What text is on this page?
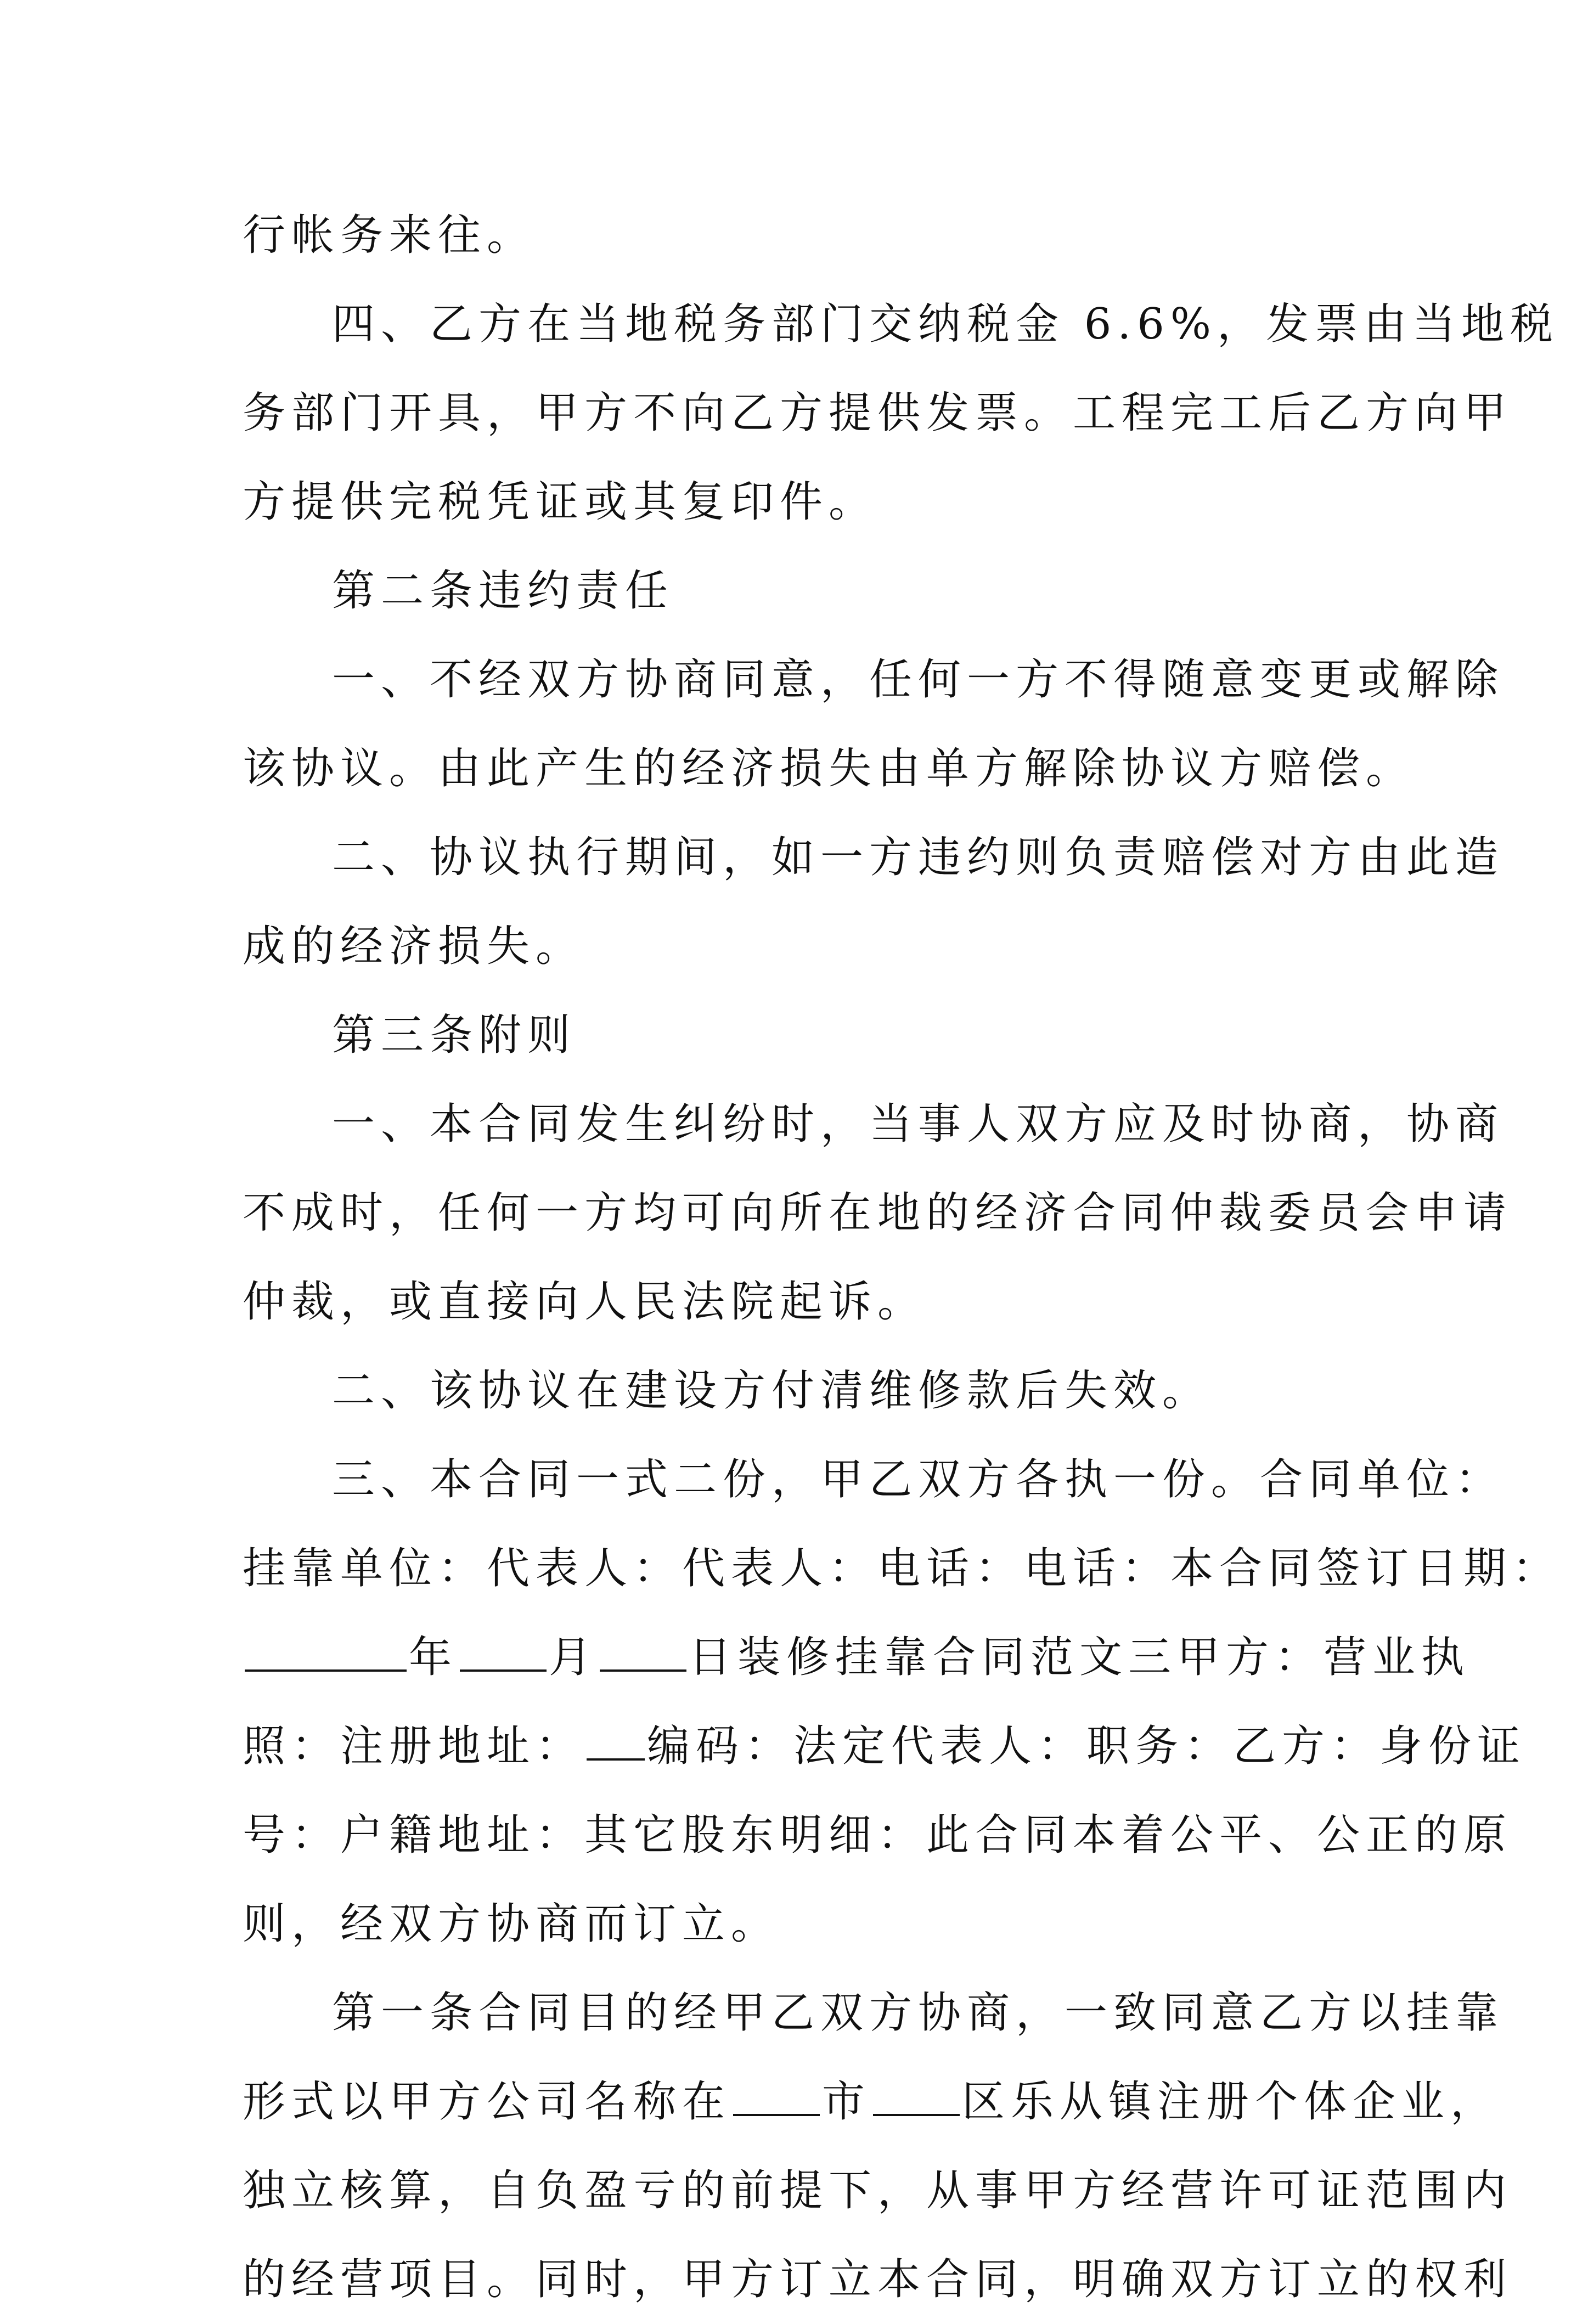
行帐务来往。
四、乙方在当地税务部门交纳税金 6.6%，发票由当地税
务部门开具，甲方不向乙方提供发票。工程完工后乙方向甲
方提供完税凭证或其复印件。
第二条违约责任
一、不经双方协商同意，任何一方不得随意变更或解除
该协议。由此产生的经济损失由单方解除协议方赔偿。
二、协议执行期间，如一方违约则负责赔偿对方由此造
成的经济损失。
第三条附则
一、本合同发生纠纷时，当事人双方应及时协商，协商
不成时，任何一方均可向所在地的经济合同仲裁委员会申请
仲裁，或直接向人民法院起诉。
二、该协议在建设方付清维修款后失效。
三、本合同一式二份，甲乙双方各执一份。合同单位：
挂靠单位：代表人：代表人：电话：电话：本合同签订日期：
年 月 日装修挂靠合同范文三甲方：营业执
照：注册地址： 编码：法定代表人：职务：乙方：身份证
号：户籍地址：其它股东明细：此合同本着公平、公正的原
则，经双方协商而订立。
第一条合同目的经甲乙双方协商，一致同意乙方以挂靠
形式以甲方公司名称在 市 区乐从镇注册个体企业，
独立核算，自负盈亏的前提下，从事甲方经营许可证范围内
的经营项目。同时，甲方订立本合同，明确双方订立的权利
